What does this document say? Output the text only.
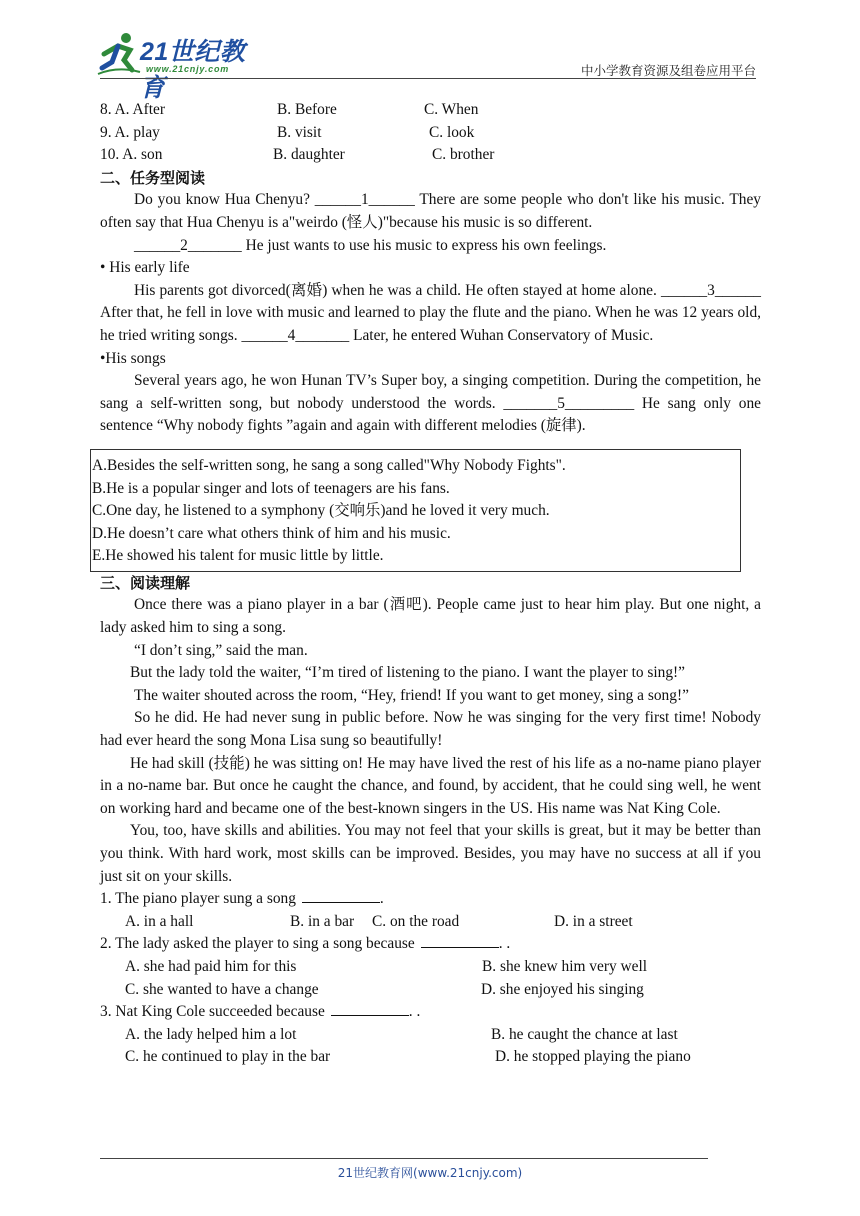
21世纪教育
www.21cnjy.com	中小学教育资源及组卷应用平台
8. A. After	B. Before	C. When
9. A. play	B. visit	C. look
10. A. son	B. daughter	C. brother
二、任务型阅读

Do you know Hua Chenyu? ______1______ There are some people who don't like his music. They often say that Hua Chenyu is a"weirdo (怪人)"because his music is so different.

______2_______ He just wants to use his music to express his own feelings.

• His early life

His parents got divorced(离婚) when he was a child. He often stayed at home alone. ______3______ After that, he fell in love with music and learned to play the flute and the piano. When he was 12 years old, he tried writing songs. ______4_______ Later, he entered Wuhan Conservatory of Music.

•His songs

Several years ago, he won Hunan TV’s Super boy, a singing competition. During the competition, he sang a self-written song, but nobody understood the words. _______5_________ He sang only one sentence “Why nobody fights ”again and again with different melodies (旋律).

A.Besides the self-written song, he sang a song called"Why Nobody Fights".
B.He is a popular singer and lots of teenagers are his fans.
C.One day, he listened to a symphony (交响乐)and he loved it very much.
D.He doesn’t care what others think of him and his music.
E.He showed his talent for music little by little.
三、阅读理解

Once there was a piano player in a bar (酒吧). People came just to hear him play. But one night, a lady asked him to sing a song.

“I don’t sing,” said the man.

But the lady told the waiter, “I’m tired of listening to the piano. I want the player to sing!”

The waiter shouted across the room, “Hey, friend! If you want to get money, sing a song!”

So he did. He had never sung in public before. Now he was singing for the very first time! Nobody had ever heard the song Mona Lisa sung so beautifully!

He had skill (技能) he was sitting on! He may have lived the rest of his life as a no-name piano player in a no-name bar. But once he caught the chance, and found, by accident, that he could sing well, he went on working hard and became one of the best-known singers in the US. His name was Nat King Cole.

You, too, have skills and abilities. You may not feel that your skills is great, but it may be better than you think. With hard work, most skills can be improved. Besides, you may have no success at all if you just sit on your skills.

1. The piano player sung a song	.
A. in a hall	B. in a bar C. on the road	D. in a street
2. The lady asked the player to sing a song because	. .
A. she had paid him for this	B. she knew him very well
C. she wanted to have a change	D. she enjoyed his singing
3. Nat King Cole succeeded because	. .
A. the lady helped him a lot	B. he caught the chance at last
C. he continued to play in the bar	D. he stopped playing the piano
21世纪教育网(www.21cnjy.com)
